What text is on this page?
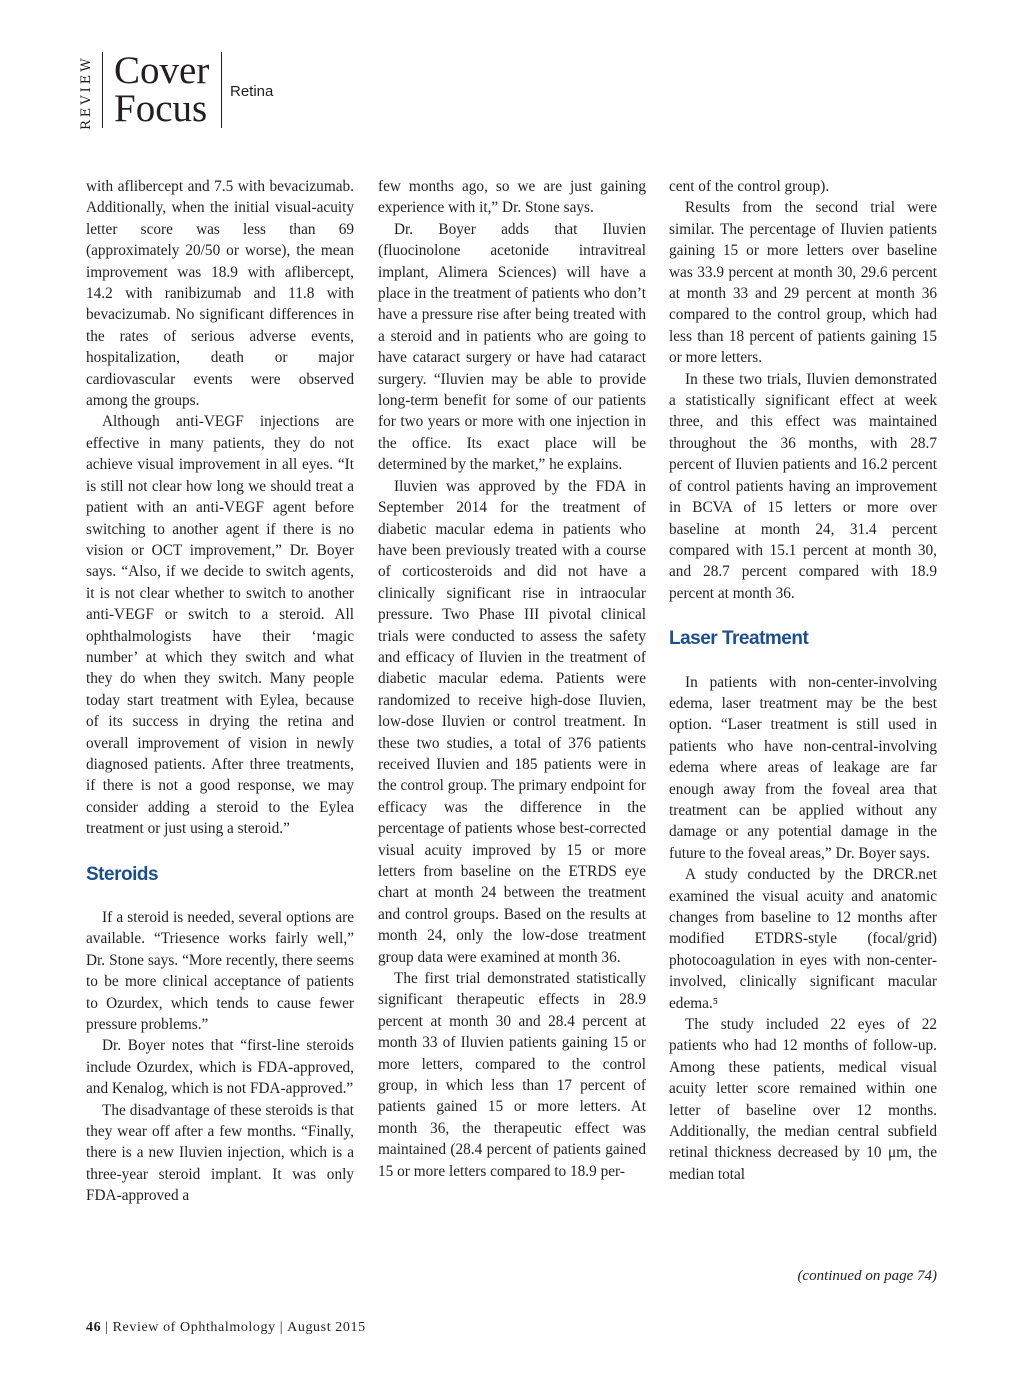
REVIEW Cover
Focus Retina

with aflibercept and 7.5 with bevacizumab. Additionally, when the initial visual-acuity letter score was less than 69 (approximately 20/50 or worse), the mean improvement was 18.9 with aflibercept, 14.2 with ranibizumab and 11.8 with bevacizumab. No significant differences in the rates of serious adverse events, hospitalization, death or major cardiovascular events were observed among the groups.

Although anti-VEGF injections are effective in many patients, they do not achieve visual improvement in all eyes. “It is still not clear how long we should treat a patient with an anti-VEGF agent before switching to another agent if there is no vision or OCT improvement,” Dr. Boyer says. “Also, if we decide to switch agents, it is not clear whether to switch to another anti-VEGF or switch to a steroid. All ophthalmologists have their ‘magic number’ at which they switch and what they do when they switch. Many people today start treatment with Eylea, because of its success in drying the retina and overall improvement of vision in newly diagnosed patients. After three treatments, if there is not a good response, we may consider adding a steroid to the Eylea treatment or just using a steroid.”

Steroids

If a steroid is needed, several options are available. “Triesence works fairly well,” Dr. Stone says. “More recently, there seems to be more clinical acceptance of patients to Ozurdex, which tends to cause fewer pressure problems.”

Dr. Boyer notes that “first-line steroids include Ozurdex, which is FDA-approved, and Kenalog, which is not FDA-approved.”

The disadvantage of these steroids is that they wear off after a few months. “Finally, there is a new Iluvien injection, which is a three-year steroid implant. It was only FDA-approved a

few months ago, so we are just gaining experience with it,” Dr. Stone says.

Dr. Boyer adds that Iluvien (fluocinolone acetonide intravitreal implant, Alimera Sciences) will have a place in the treatment of patients who don’t have a pressure rise after being treated with a steroid and in patients who are going to have cataract surgery or have had cataract surgery. “Iluvien may be able to provide long-term benefit for some of our patients for two years or more with one injection in the office. Its exact place will be determined by the market,” he explains.

Iluvien was approved by the FDA in September 2014 for the treatment of diabetic macular edema in patients who have been previously treated with a course of corticosteroids and did not have a clinically significant rise in intraocular pressure. Two Phase III pivotal clinical trials were conducted to assess the safety and efficacy of Iluvien in the treatment of diabetic macular edema. Patients were randomized to receive high-dose Iluvien, low-dose Iluvien or control treatment. In these two studies, a total of 376 patients received Iluvien and 185 patients were in the control group. The primary endpoint for efficacy was the difference in the percentage of patients whose best-corrected visual acuity improved by 15 or more letters from baseline on the ETRDS eye chart at month 24 between the treatment and control groups. Based on the results at month 24, only the low-dose treatment group data were examined at month 36.

The first trial demonstrated statistically significant therapeutic effects in 28.9 percent at month 30 and 28.4 percent at month 33 of Iluvien patients gaining 15 or more letters, compared to the control group, in which less than 17 percent of patients gained 15 or more letters. At month 36, the therapeutic effect was maintained (28.4 percent of patients gained 15 or more letters compared to 18.9 per-

cent of the control group).

Results from the second trial were similar. The percentage of Iluvien patients gaining 15 or more letters over baseline was 33.9 percent at month 30, 29.6 percent at month 33 and 29 percent at month 36 compared to the control group, which had less than 18 percent of patients gaining 15 or more letters.

In these two trials, Iluvien demonstrated a statistically significant effect at week three, and this effect was maintained throughout the 36 months, with 28.7 percent of Iluvien patients and 16.2 percent of control patients having an improvement in BCVA of 15 letters or more over baseline at month 24, 31.4 percent compared with 15.1 percent at month 30, and 28.7 percent compared with 18.9 percent at month 36.

Laser Treatment

In patients with non-center-involving edema, laser treatment may be the best option. “Laser treatment is still used in patients who have non-central-involving edema where areas of leakage are far enough away from the foveal area that treatment can be applied without any damage or any potential damage in the future to the foveal areas,” Dr. Boyer says.

A study conducted by the DRCR.net examined the visual acuity and anatomic changes from baseline to 12 months after modified ETDRS-style (focal/grid) photocoagulation in eyes with non-center-involved, clinically significant macular edema.⁵

The study included 22 eyes of 22 patients who had 12 months of follow-up. Among these patients, medical visual acuity letter score remained within one letter of baseline over 12 months. Additionally, the median central subfield retinal thickness decreased by 10 μm, the median total

(continued on page 74)
46 | Review of Ophthalmology | August 2015
